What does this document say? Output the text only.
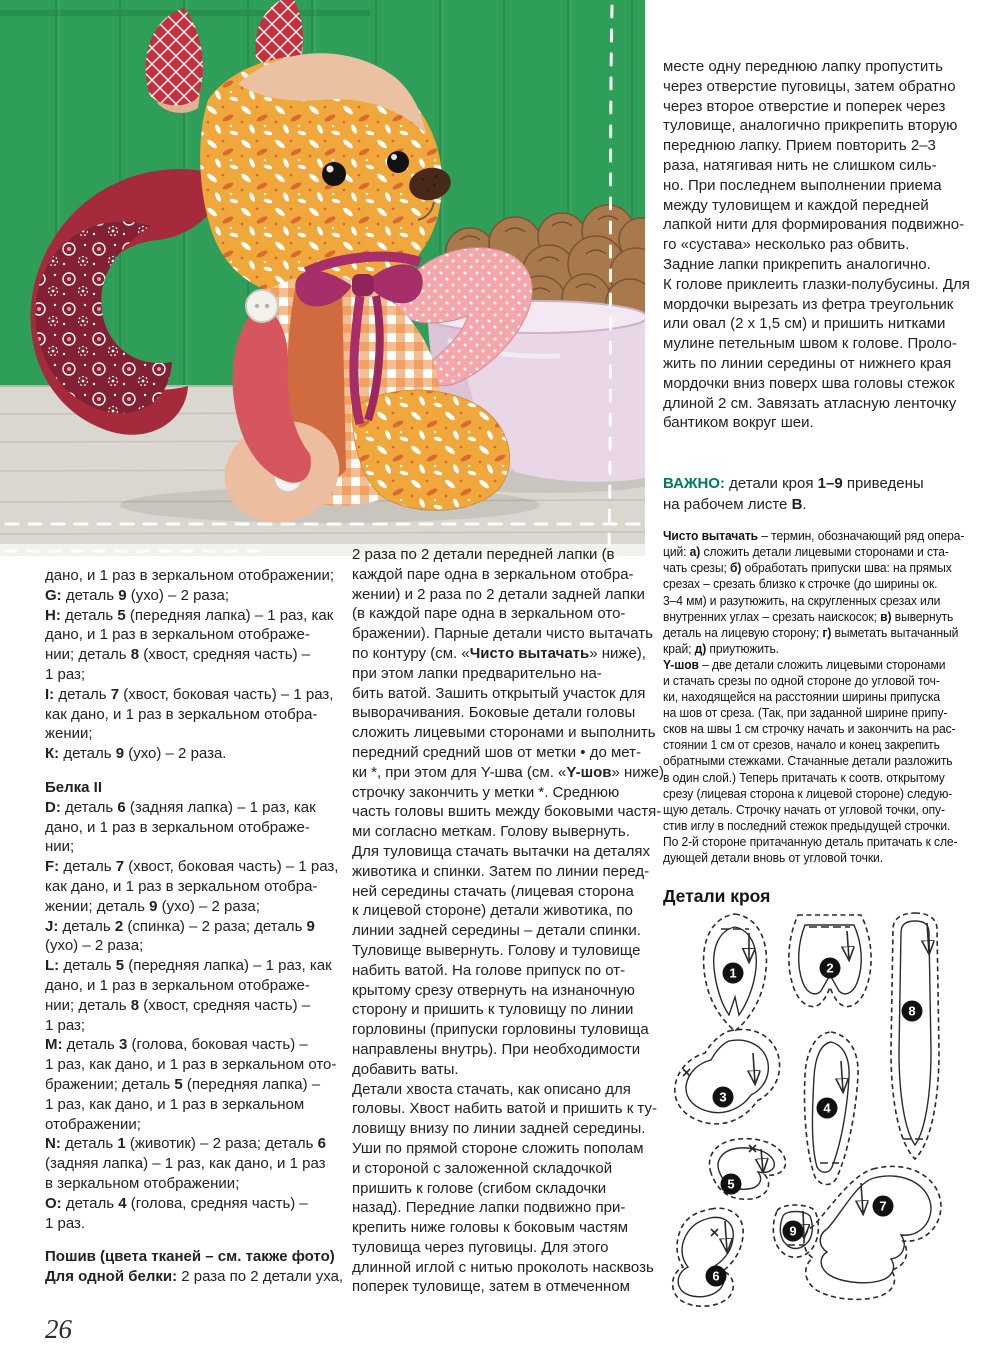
дано, и 1 раз в зеркальном отображении;
G: деталь 9 (ухо) – 2 раза;
H: деталь 5 (передняя лапка) – 1 раз, как
дано, и 1 раз в зеркальном отображе-
нии; деталь 8 (хвост, средняя часть) –
1 раз;
I: деталь 7 (хвост, боковая часть) – 1 раз,
как дано, и 1 раз в зеркальном отобра-
жении;
К: деталь 9 (ухо) – 2 раза.
Белка II
D: деталь 6 (задняя лапка) – 1 раз, как
дано, и 1 раз в зеркальном отображе-
нии;
F: деталь 7 (хвост, боковая часть) – 1 раз,
как дано, и 1 раз в зеркальном отобра-
жении; деталь 9 (ухо) – 2 раза;
J: деталь 2 (спинка) – 2 раза; деталь 9
(ухо) – 2 раза;
L: деталь 5 (передняя лапка) – 1 раз, как
дано, и 1 раз в зеркальном отображе-
нии; деталь 8 (хвост, средняя часть) –
1 раз;
M: деталь 3 (голова, боковая часть) –
1 раз, как дано, и 1 раз в зеркальном ото-
бражении; деталь 5 (передняя лапка) –
1 раз, как дано, и 1 раз в зеркальном
отображении;
N: деталь 1 (животик) – 2 раза; деталь 6
(задняя лапка) – 1 раз, как дано, и 1 раз
в зеркальном отображении;
O: деталь 4 (голова, средняя часть) –
1 раз.
Пошив (цвета тканей – см. также фото)
Для одной белки: 2 раза по 2 детали уха,
2 раза по 2 детали передней лапки (в
каждой паре одна в зеркальном отобра-
жении) и 2 раза по 2 детали задней лапки
(в каждой паре одна в зеркальном ото-
бражении). Парные детали чисто вытачать
по контуру (см. «Чисто вытачать» ниже),
при этом лапки предварительно на-
бить ватой. Зашить открытый участок для
выворачивания. Боковые детали головы
сложить лицевыми сторонами и выполнить
передний средний шов от метки • до мет-
ки *, при этом для Y-шва (см. «Y-шов» ниже)
строчку закончить у метки *. Среднюю
часть головы вшить между боковыми частя-
ми согласно меткам. Голову вывернуть.
Для туловища стачать вытачки на деталях
животика и спинки. Затем по линии перед-
ней середины стачать (лицевая сторона
к лицевой стороне) детали животика, по
линии задней середины – детали спинки.
Туловище вывернуть. Голову и туловище
набить ватой. На голове припуск по от-
крытому срезу отвернуть на изнаночную
сторону и пришить к туловищу по линии
горловины (припуски горловины туловища
направлены внутрь). При необходимости
добавить ваты.
Детали хвоста стачать, как описано для
головы. Хвост набить ватой и пришить к ту-
ловищу внизу по линии задней середины.
Уши по прямой стороне сложить пополам
и стороной с заложенной складочкой
пришить к голове (сгибом складочки
назад). Передние лапки подвижно при-
крепить ниже головы к боковым частям
туловища через пуговицы. Для этого
длинной иглой с нитью проколоть насквозь
поперек туловище, затем в отмеченном
месте одну переднюю лапку пропустить
через отверстие пуговицы, затем обратно
через второе отверстие и поперек через
туловище, аналогично прикрепить вторую
переднюю лапку. Прием повторить 2–3
раза, натягивая нить не слишком силь-
но. При последнем выполнении приема
между туловищем и каждой передней
лапкой нити для формирования подвижно-
го «сустава» несколько раз обвить.
Задние лапки прикрепить аналогично.
К голове приклеить глазки-полубусины. Для
мордочки вырезать из фетра треугольник
или овал (2 х 1,5 см) и пришить нитками
мулине петельным швом к голове. Проло-
жить по линии середины от нижнего края
мордочки вниз поверх шва головы стежок
длиной 2 см. Завязать атласную ленточку
бантиком вокруг шеи.
ВАЖНО: детали кроя 1–9 приведены
на рабочем листе В.
Чисто вытачать – термин, обозначающий ряд опера-
ций: а) сложить детали лицевыми сторонами и ста-
чать срезы; б) обработать припуски шва: на прямых
срезах – срезать близко к строчке (до ширины ок.
3–4 мм) и разутюжить, на скругленных срезах или
внутренних углах – срезать наискосок; в) вывернуть
деталь на лицевую сторону; г) выметать вытачанный
край; д) приутюжить.
Y-шов – две детали сложить лицевыми сторонами
и стачать срезы по одной стороне до угловой точ-
ки, находящейся на расстоянии ширины припуска
на шов от среза. (Так, при заданной ширине припу-
сков на швы 1 см строчку начать и закончить на рас-
стоянии 1 см от срезов, начало и конец закрепить
обратными стежками. Стачанные детали разложить
в один слой.) Теперь притачать к соотв. открытому
срезу (лицевая сторона к лицевой стороне) следую-
щую деталь. Строчку начать от угловой точки, опу-
стив иглу в последний стежок предыдущей строчки.
По 2-й стороне притачанную деталь притачать к сле-
дующей детали вновь от угловой точки.
Детали кроя
1	2
8
3
4
5
9
6
7
26
